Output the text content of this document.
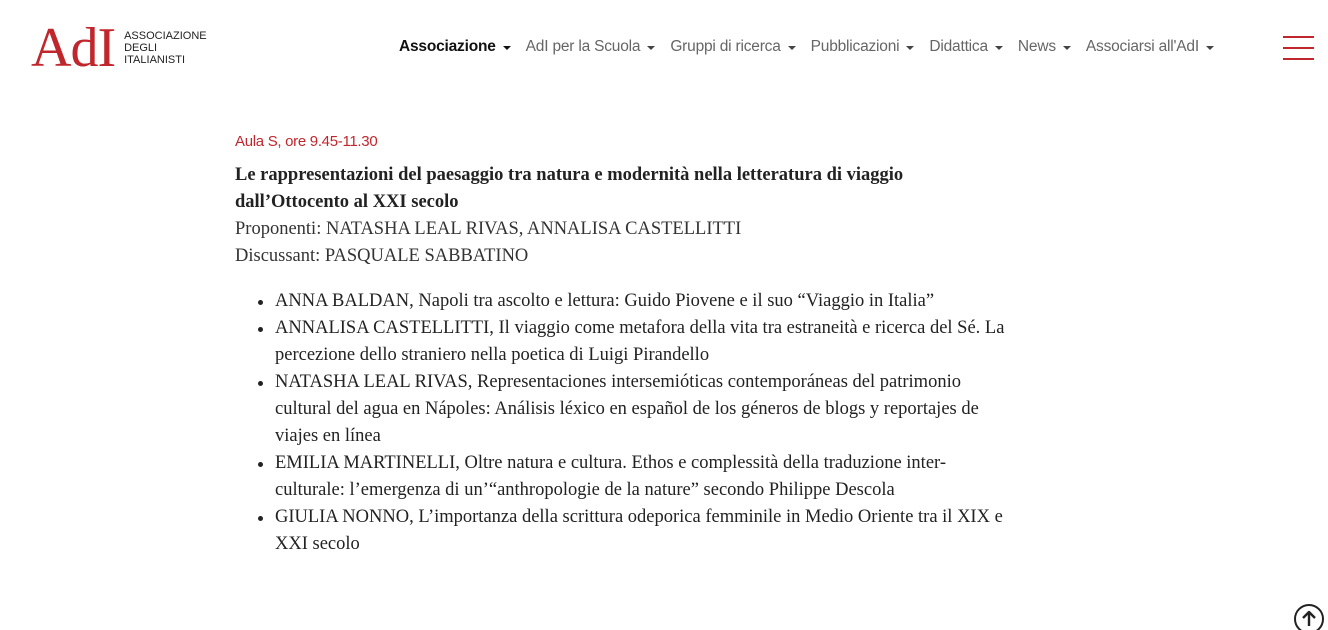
AdI ASSOCIAZIONE
DEGLI
ITALIANISTI
Associazione AdI per la Scuola Gruppi di ricerca Pubblicazioni Didattica News Associarsi all'AdI
Aula S, ore 9.45-11.30
Le rappresentazioni del paesaggio tra natura e modernità nella letteratura di viaggio dall’Ottocento al XXI secolo
Proponenti: NATASHA LEAL RIVAS, ANNALISA CASTELLITTI
Discussant: PASQUALE SABBATINO
ANNA BALDAN, Napoli tra ascolto e lettura: Guido Piovene e il suo “Viaggio in Italia”
ANNALISA CASTELLITTI, Il viaggio come metafora della vita tra estraneità e ricerca del Sé. La percezione dello straniero nella poetica di Luigi Pirandello
NATASHA LEAL RIVAS, Representaciones intersemióticas contemporáneas del patrimonio cultural del agua en Nápoles: Análisis léxico en español de los géneros de blogs y reportajes de viajes en línea
EMILIA MARTINELLI, Oltre natura e cultura. Ethos e complessità della traduzione inter-culturale: l’emergenza di un’“anthropologie de la nature” secondo Philippe Descola
GIULIA NONNO, L’importanza della scrittura odeporica femminile in Medio Oriente tra il XIX e XXI secolo
